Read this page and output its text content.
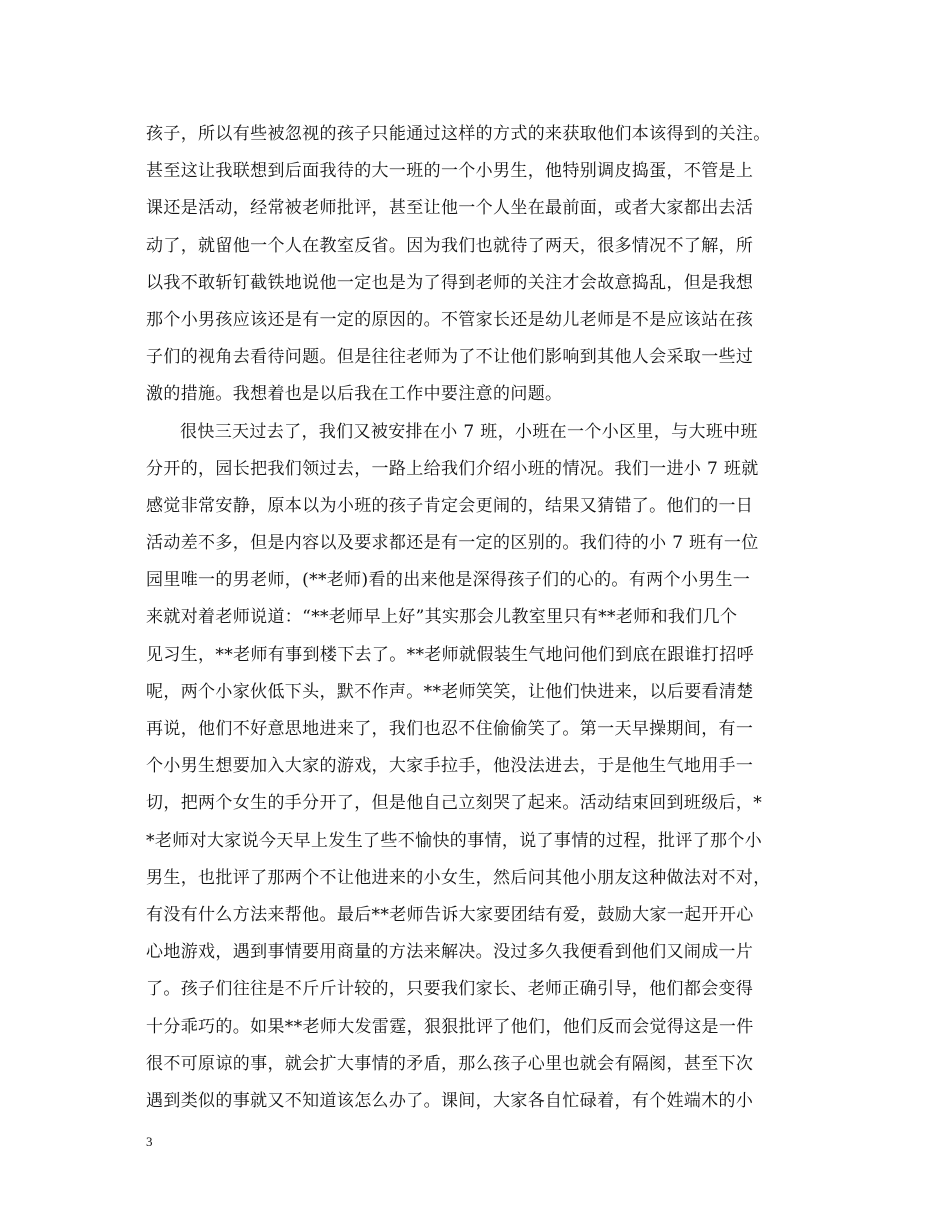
孩子，所以有些被忽视的孩子只能通过这样的方式的来获取他们本该得到的关注。
甚至这让我联想到后面我待的大一班的一个小男生，他特别调皮捣蛋，不管是上
课还是活动，经常被老师批评，甚至让他一个人坐在最前面，或者大家都出去活
动了，就留他一个人在教室反省。因为我们也就待了两天，很多情况不了解，所
以我不敢斩钉截铁地说他一定也是为了得到老师的关注才会故意捣乱，但是我想
那个小男孩应该还是有一定的原因的。不管家长还是幼儿老师是不是应该站在孩
子们的视角去看待问题。但是往往老师为了不让他们影响到其他人会采取一些过
激的措施。我想着也是以后我在工作中要注意的问题。
很快三天过去了，我们又被安排在小 7 班，小班在一个小区里，与大班中班
分开的，园长把我们领过去，一路上给我们介绍小班的情况。我们一进小 7 班就
感觉非常安静，原本以为小班的孩子肯定会更闹的，结果又猜错了。他们的一日
活动差不多，但是内容以及要求都还是有一定的区别的。我们待的小 7 班有一位
园里唯一的男老师，(**老师)看的出来他是深得孩子们的心的。有两个小男生一
来就对着老师说道：“**老师早上好”其实那会儿教室里只有**老师和我们几个
见习生，**老师有事到楼下去了。**老师就假装生气地问他们到底在跟谁打招呼
呢，两个小家伙低下头，默不作声。**老师笑笑，让他们快进来，以后要看清楚
再说，他们不好意思地进来了，我们也忍不住偷偷笑了。第一天早操期间，有一
个小男生想要加入大家的游戏，大家手拉手，他没法进去，于是他生气地用手一
切，把两个女生的手分开了，但是他自己立刻哭了起来。活动结束回到班级后，*
*老师对大家说今天早上发生了些不愉快的事情，说了事情的过程，批评了那个小
男生，也批评了那两个不让他进来的小女生，然后问其他小朋友这种做法对不对，
有没有什么方法来帮他。最后**老师告诉大家要团结有爱，鼓励大家一起开开心
心地游戏，遇到事情要用商量的方法来解决。没过多久我便看到他们又闹成一片
了。孩子们往往是不斤斤计较的，只要我们家长、老师正确引导，他们都会变得
十分乖巧的。如果**老师大发雷霆，狠狠批评了他们，他们反而会觉得这是一件
很不可原谅的事，就会扩大事情的矛盾，那么孩子心里也就会有隔阂，甚至下次
遇到类似的事就又不知道该怎么办了。课间，大家各自忙碌着，有个姓端木的小
3
